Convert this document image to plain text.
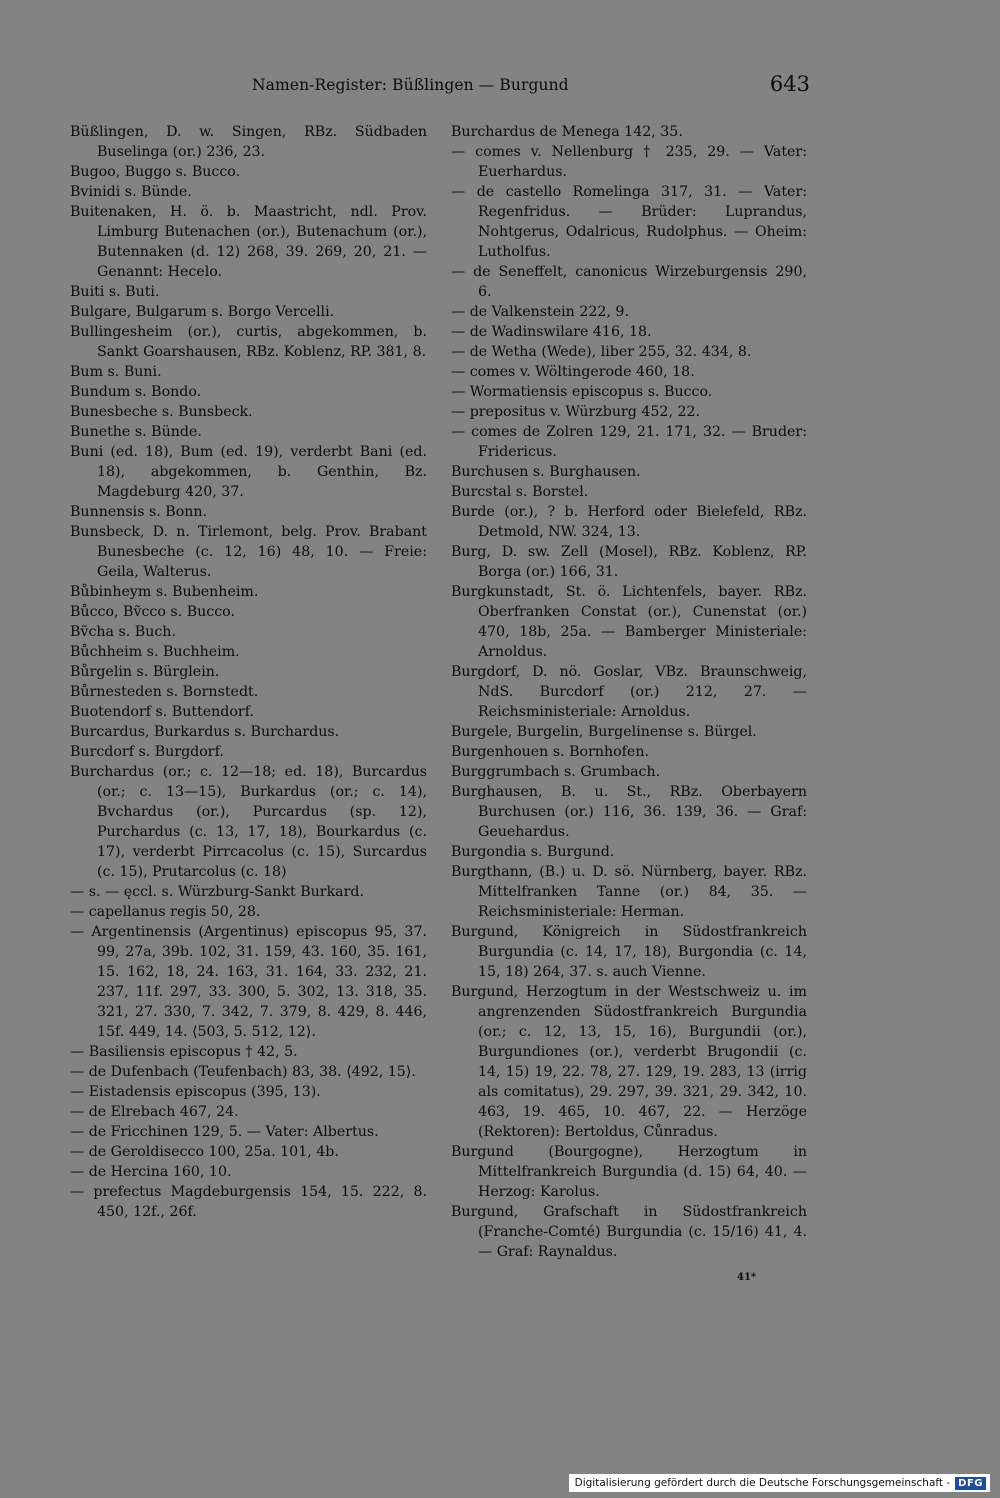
Namen-Register: Büßlingen — Burgund	643
Büßlingen, D. w. Singen, RBz. Südbaden Buselinga (or.) 236, 23.
Bugoo, Buggo s. Bucco.
Bvinidi s. Bünde.
Buitenaken, H. ö. b. Maastricht, ndl. Prov. Limburg Butenachen (or.), Butenachum (or.), Butennaken (d. 12) 268, 39. 269, 20, 21. — Genannt: Hecelo.
Buiti s. Buti.
Bulgare, Bulgarum s. Borgo Vercelli.
Bullingesheim (or.), curtis, abgekommen, b. Sankt Goarshausen, RBz. Koblenz, RP. 381, 8.
Bum s. Buni.
Bundum s. Bondo.
Bunesbeche s. Bunsbeck.
Bunethe s. Bünde.
Buni (ed. 18), Bum (ed. 19), verderbt Bani (ed. 18), abgekommen, b. Genthin, Bz. Magdeburg 420, 37.
Bunnensis s. Bonn.
Bunsbeck, D. n. Tirlemont, belg. Prov. Brabant Bunesbeche (c. 12, 16) 48, 10. — Freie: Geila, Walterus.
Bůbinheym s. Bubenheim.
Bůcco, Bṽcco s. Bucco.
Bṽcha s. Buch.
Bůchheim s. Buchheim.
Bůrgelin s. Bürglein.
Bůrnesteden s. Bornstedt.
Buotendorf s. Buttendorf.
Burcardus, Burkardus s. Burchardus.
Burcdorf s. Burgdorf.
Burchardus (or.; c. 12—18; ed. 18), Burcardus (or.; c. 13—15), Burkardus (or.; c. 14), Bvchardus (or.), Purcardus (sp. 12), Purchardus (c. 13, 17, 18), Bourkardus (c. 17), verderbt Pirrcacolus (c. 15), Surcardus (c. 15), Prutarcolus (c. 18)
— s. — ęccl. s. Würzburg-Sankt Burkard.
— capellanus regis 50, 28.
— Argentinensis (Argentinus) episcopus 95, 37. 99, 27a, 39b. 102, 31. 159, 43. 160, 35. 161, 15. 162, 18, 24. 163, 31. 164, 33. 232, 21. 237, 11f. 297, 33. 300, 5. 302, 13. 318, 35. 321, 27. 330, 7. 342, 7. 379, 8. 429, 8. 446, 15f. 449, 14. ⟨503, 5. 512, 12⟩.
— Basiliensis episcopus † 42, 5.
— de Dufenbach (Teufenbach) 83, 38. ⟨492, 15⟩.
— Eistadensis episcopus (395, 13).
— de Elrebach 467, 24.
— de Fricchinen 129, 5. — Vater: Albertus.
— de Geroldisecco 100, 25a. 101, 4b.
— de Hercina 160, 10.
— prefectus Magdeburgensis 154, 15. 222, 8. 450, 12f., 26f.
Burchardus de Menega 142, 35.
— comes v. Nellenburg † 235, 29. — Vater: Euerhardus.
— de castello Romelinga 317, 31. — Vater: Regenfridus. — Brüder: Luprandus, Nohtgerus, Odalricus, Rudolphus. — Oheim: Lutholfus.
— de Seneffelt, canonicus Wirzeburgensis 290, 6.
— de Valkenstein 222, 9.
— de Wadinswilare 416, 18.
— de Wetha (Wede), liber 255, 32. 434, 8.
— comes v. Wöltingerode 460, 18.
— Wormatiensis episcopus s. Bucco.
— prepositus v. Würzburg 452, 22.
— comes de Zolren 129, 21. 171, 32. — Bruder: Fridericus.
Burchusen s. Burghausen.
Burcstal s. Borstel.
Burde (or.), ? b. Herford oder Bielefeld, RBz. Detmold, NW. 324, 13.
Burg, D. sw. Zell (Mosel), RBz. Koblenz, RP. Borga (or.) 166, 31.
Burgkunstadt, St. ö. Lichtenfels, bayer. RBz. Oberfranken Constat (or.), Cunenstat (or.) 470, 18b, 25a. — Bamberger Ministeriale: Arnoldus.
Burgdorf, D. nö. Goslar, VBz. Braunschweig, NdS. Burcdorf (or.) 212, 27. — Reichsministeriale: Arnoldus.
Burgele, Burgelin, Burgelinense s. Bürgel.
Burgenhouen s. Bornhofen.
Burggrumbach s. Grumbach.
Burghausen, B. u. St., RBz. Oberbayern Burchusen (or.) 116, 36. 139, 36. — Graf: Geuehardus.
Burgondia s. Burgund.
Burgthann, (B.) u. D. sö. Nürnberg, bayer. RBz. Mittelfranken Tanne (or.) 84, 35. — Reichsministeriale: Herman.
Burgund, Königreich in Südostfrankreich Burgundia (c. 14, 17, 18), Burgondia (c. 14, 15, 18) 264, 37. s. auch Vienne.
Burgund, Herzogtum in der Westschweiz u. im angrenzenden Südostfrankreich Burgundia (or.; c. 12, 13, 15, 16), Burgundii (or.), Burgundiones (or.), verderbt Brugondii (c. 14, 15) 19, 22. 78, 27. 129, 19. 283, 13 (irrig als comitatus), 29. 297, 39. 321, 29. 342, 10. 463, 19. 465, 10. 467, 22. — Herzöge (Rektoren): Bertoldus, Cůnradus.
Burgund (Bourgogne), Herzogtum in Mittelfrankreich Burgundia (d. 15) 64, 40. — Herzog: Karolus.
Burgund, Grafschaft in Südostfrankreich (Franche-Comté) Burgundia (c. 15/16) 41, 4. — Graf: Raynaldus.
41*
Digitalisierung gefördert durch die Deutsche Forschungsgemeinschaft - DFG
